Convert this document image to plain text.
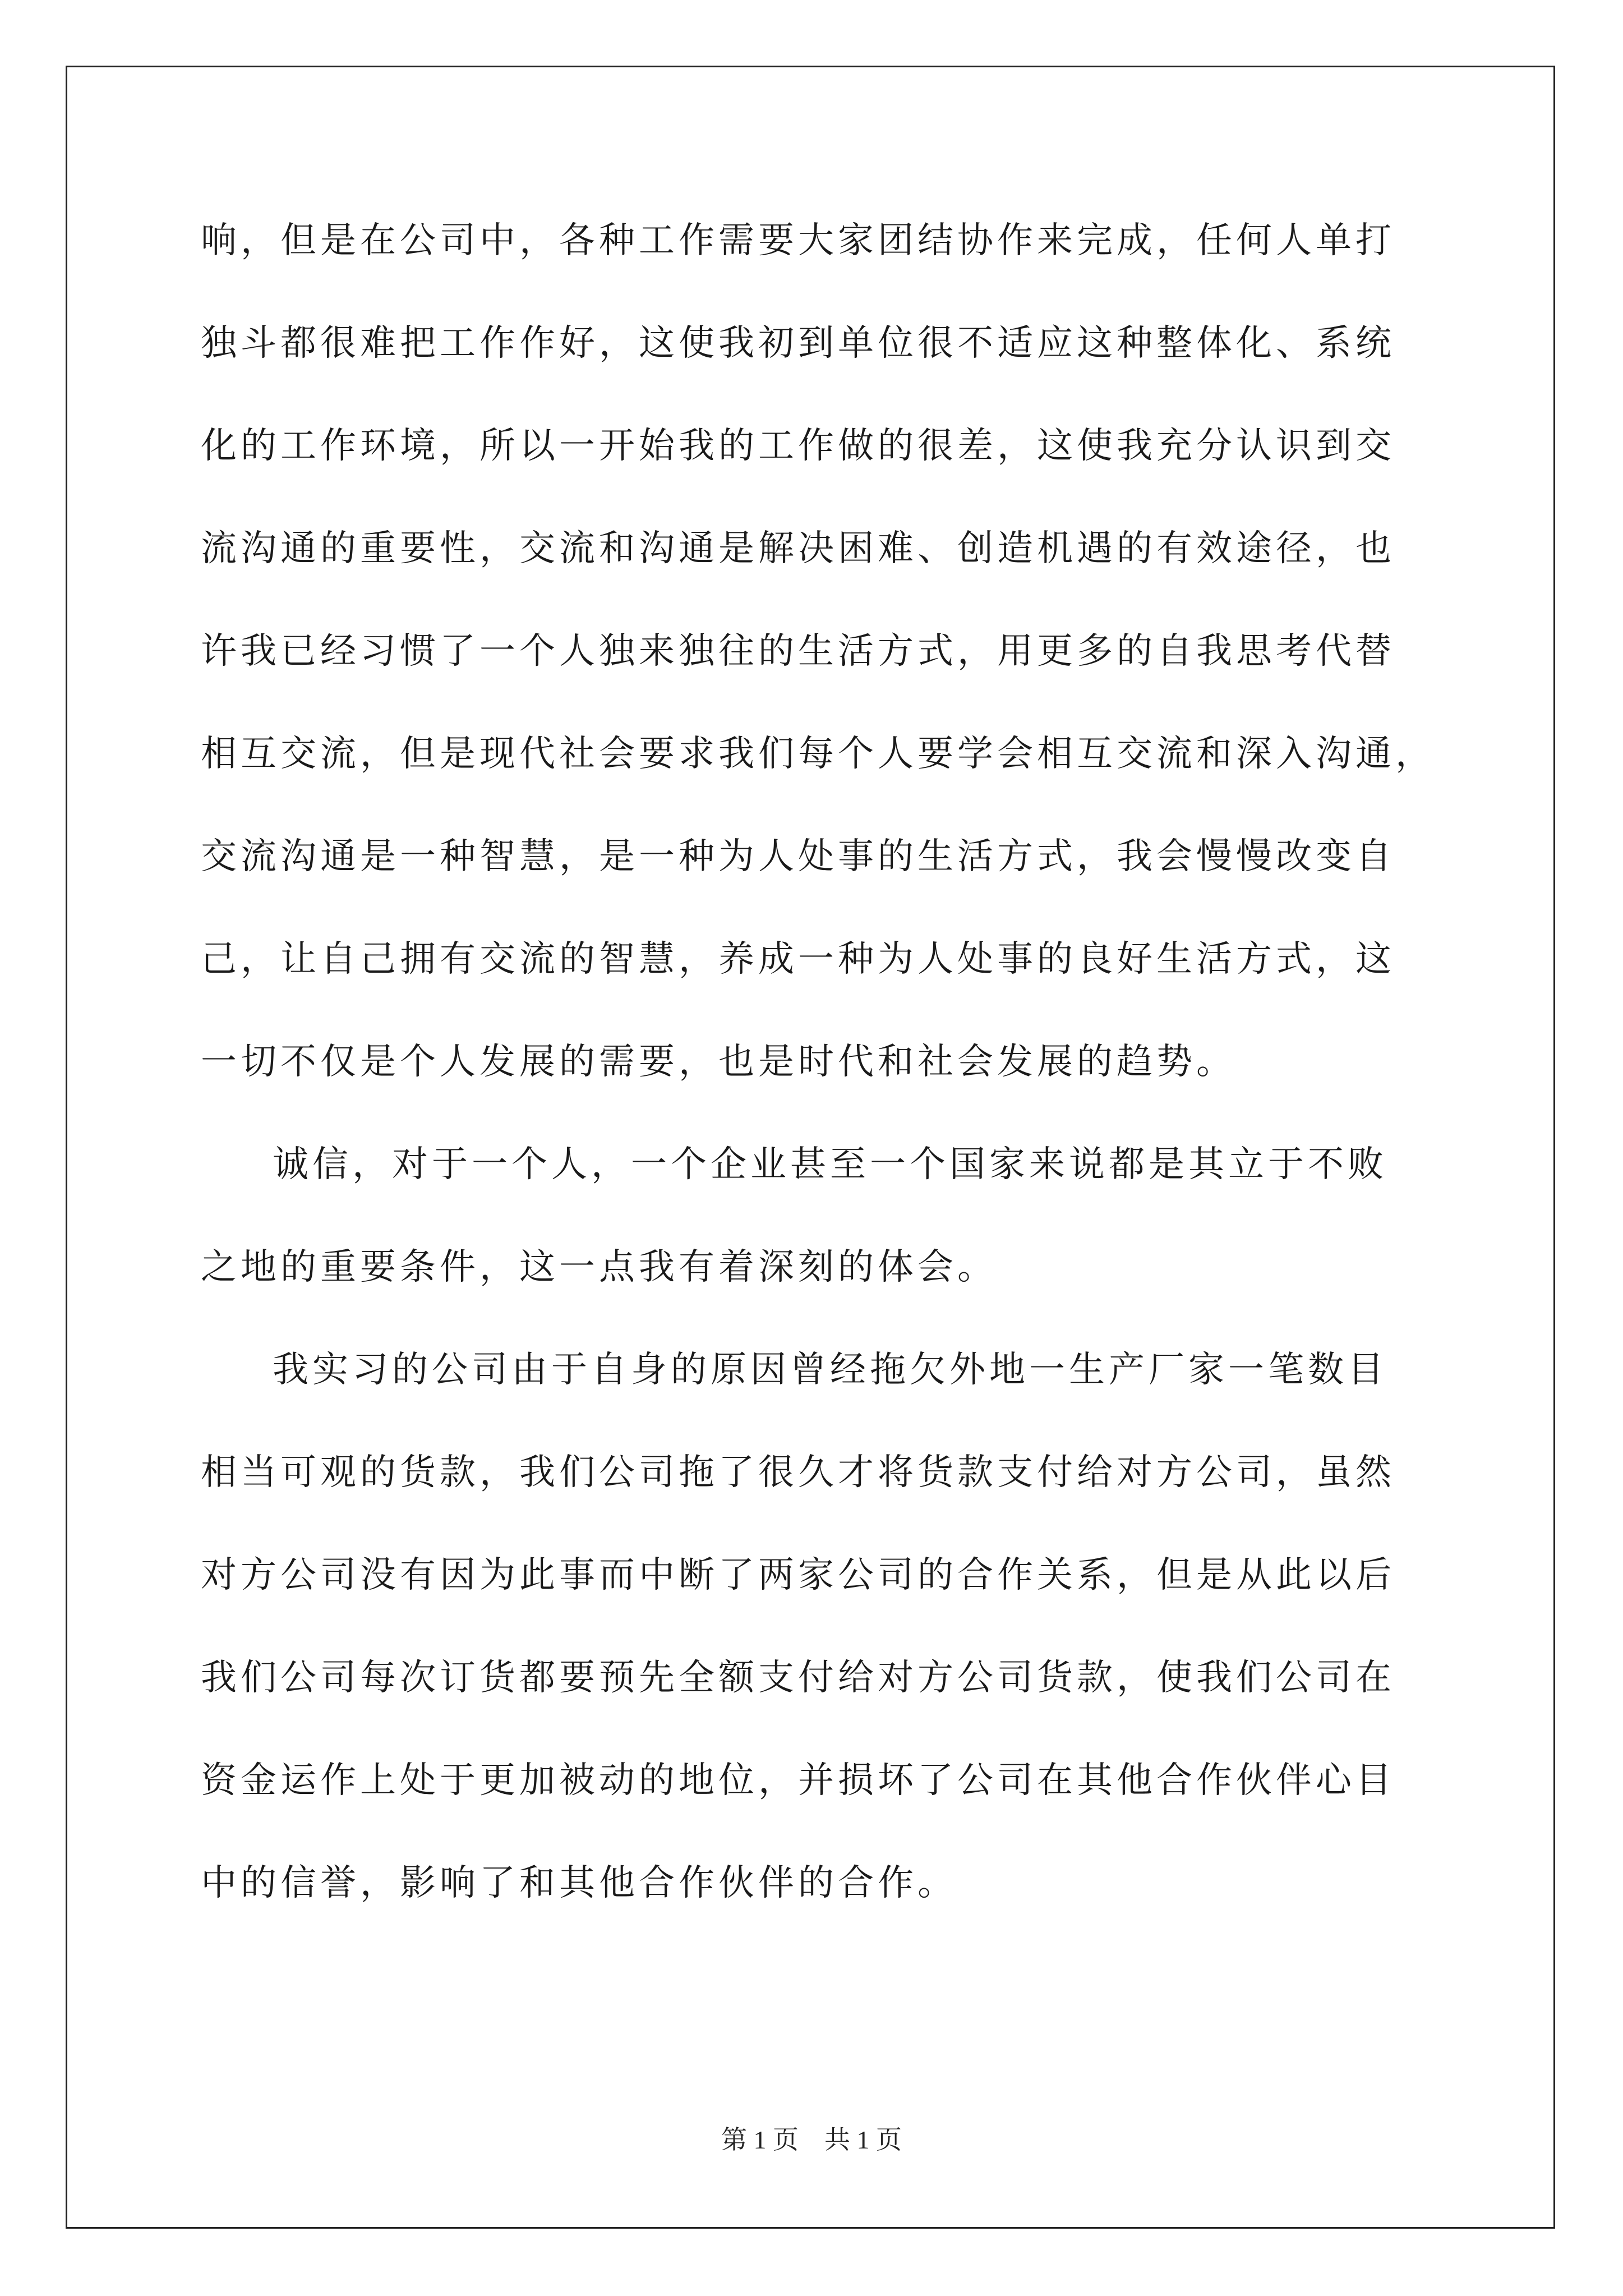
响，但是在公司中，各种工作需要大家团结协作来完成，任何人单打
独斗都很难把工作作好，这使我初到单位很不适应这种整体化、系统
化的工作环境，所以一开始我的工作做的很差，这使我充分认识到交
流沟通的重要性，交流和沟通是解决困难、创造机遇的有效途径，也
许我已经习惯了一个人独来独往的生活方式，用更多的自我思考代替
相互交流，但是现代社会要求我们每个人要学会相互交流和深入沟通，
交流沟通是一种智慧，是一种为人处事的生活方式，我会慢慢改变自
己，让自己拥有交流的智慧，养成一种为人处事的良好生活方式，这
一切不仅是个人发展的需要，也是时代和社会发展的趋势。
诚信，对于一个人，一个企业甚至一个国家来说都是其立于不败
之地的重要条件，这一点我有着深刻的体会。
我实习的公司由于自身的原因曾经拖欠外地一生产厂家一笔数目
相当可观的货款，我们公司拖了很久才将货款支付给对方公司，虽然
对方公司没有因为此事而中断了两家公司的合作关系，但是从此以后
我们公司每次订货都要预先全额支付给对方公司货款，使我们公司在
资金运作上处于更加被动的地位，并损坏了公司在其他合作伙伴心目
中的信誉，影响了和其他合作伙伴的合作。
第 1 页　共 1 页
